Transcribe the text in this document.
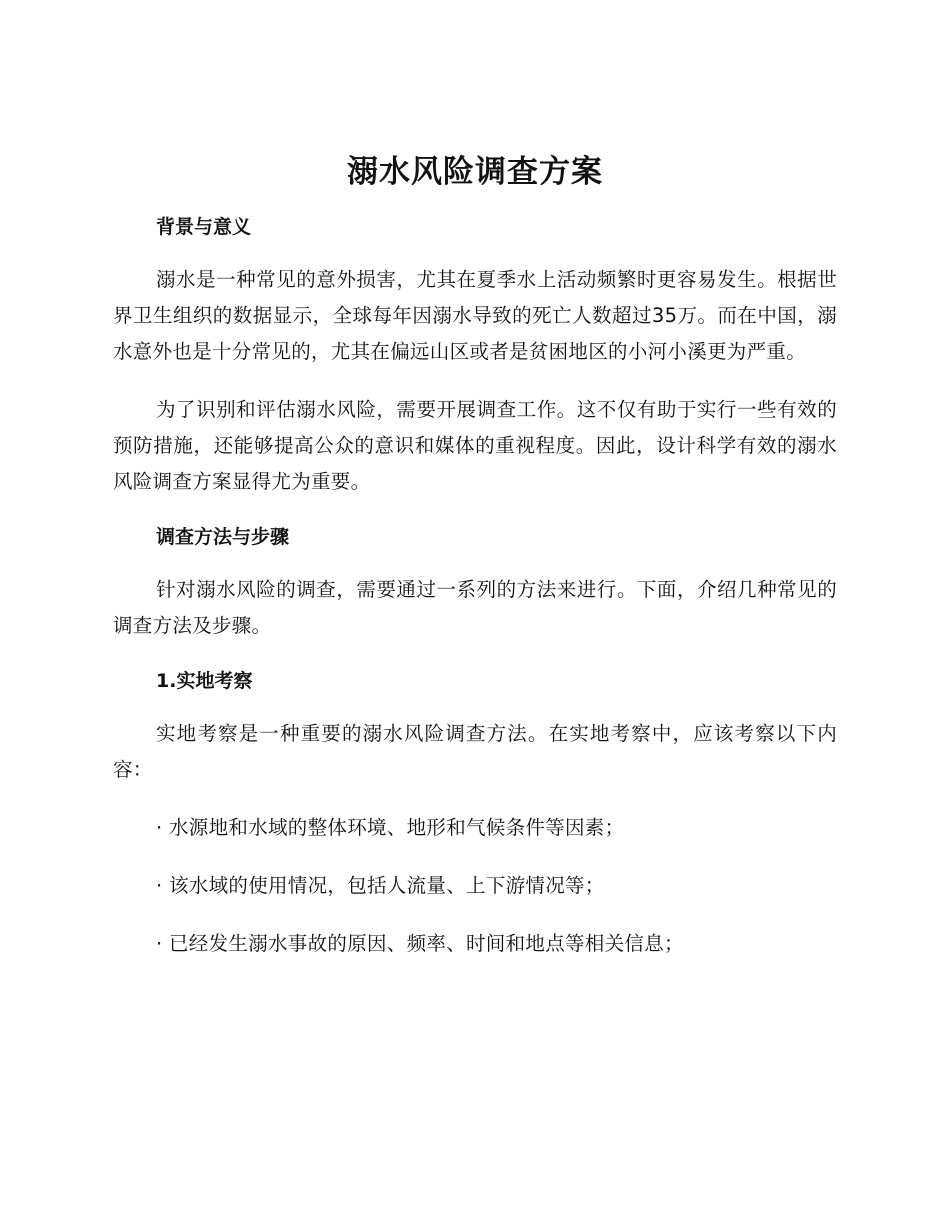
溺水风险调查方案

背景与意义

溺水是一种常见的意外损害，尤其在夏季水上活动频繁时更容易发生。根据世界卫生组织的数据显示，全球每年因溺水导致的死亡人数超过35万。而在中国，溺水意外也是十分常见的，尤其在偏远山区或者是贫困地区的小河小溪更为严重。

为了识别和评估溺水风险，需要开展调查工作。这不仅有助于实行一些有效的预防措施，还能够提高公众的意识和媒体的重视程度。因此，设计科学有效的溺水风险调查方案显得尤为重要。

调查方法与步骤

针对溺水风险的调查，需要通过一系列的方法来进行。下面，介绍几种常见的调查方法及步骤。

1.实地考察

实地考察是一种重要的溺水风险调查方法。在实地考察中，应该考察以下内容：

· 水源地和水域的整体环境、地形和气候条件等因素；

· 该水域的使用情况，包括人流量、上下游情况等；

· 已经发生溺水事故的原因、频率、时间和地点等相关信息；
